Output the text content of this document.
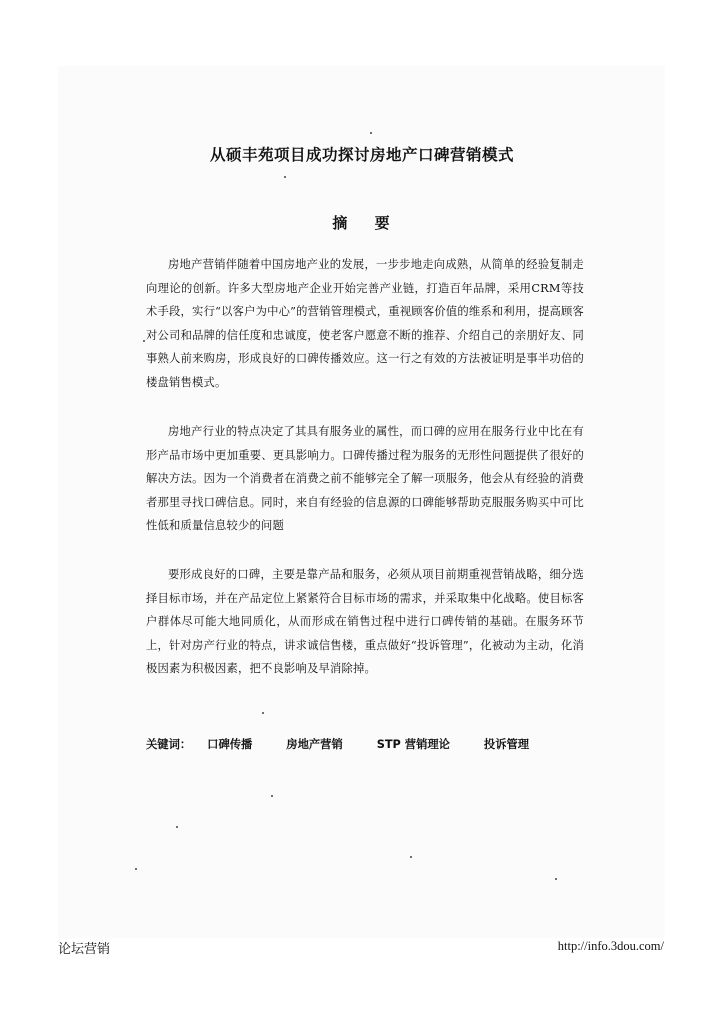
从硕丰苑项目成功探讨房地产口碑营销模式
摘 要

房地产营销伴随着中国房地产业的发展，一步步地走向成熟，从简单的经验复制走向理论的创新。许多大型房地产企业开始完善产业链，打造百年品牌，采用CRM等技术手段，实行“以客户为中心”的营销管理模式，重视顾客价值的维系和利用，提高顾客对公司和品牌的信任度和忠诚度，使老客户愿意不断的推荐、介绍自己的亲朋好友、同事熟人前来购房，形成良好的口碑传播效应。这一行之有效的方法被证明是事半功倍的楼盘销售模式。

房地产行业的特点决定了其具有服务业的属性，而口碑的应用在服务行业中比在有形产品市场中更加重要、更具影响力。口碑传播过程为服务的无形性问题提供了很好的解决方法。因为一个消费者在消费之前不能够完全了解一项服务，他会从有经验的消费者那里寻找口碑信息。同时，来自有经验的信息源的口碑能够帮助克服服务购买中可比性低和质量信息较少的问题

要形成良好的口碑，主要是靠产品和服务，必须从项目前期重视营销战略，细分选择目标市场，并在产品定位上紧紧符合目标市场的需求，并采取集中化战略。使目标客户群体尽可能大地同质化，从而形成在销售过程中进行口碑传销的基础。在服务环节上，针对房产行业的特点，讲求诚信售楼，重点做好“投诉管理”，化被动为主动，化消极因素为积极因素，把不良影响及早消除掉。

关键词： 口碑传播	房地产营销	STP 营销理论	投诉管理
论坛营销	http://info.3dou.com/
